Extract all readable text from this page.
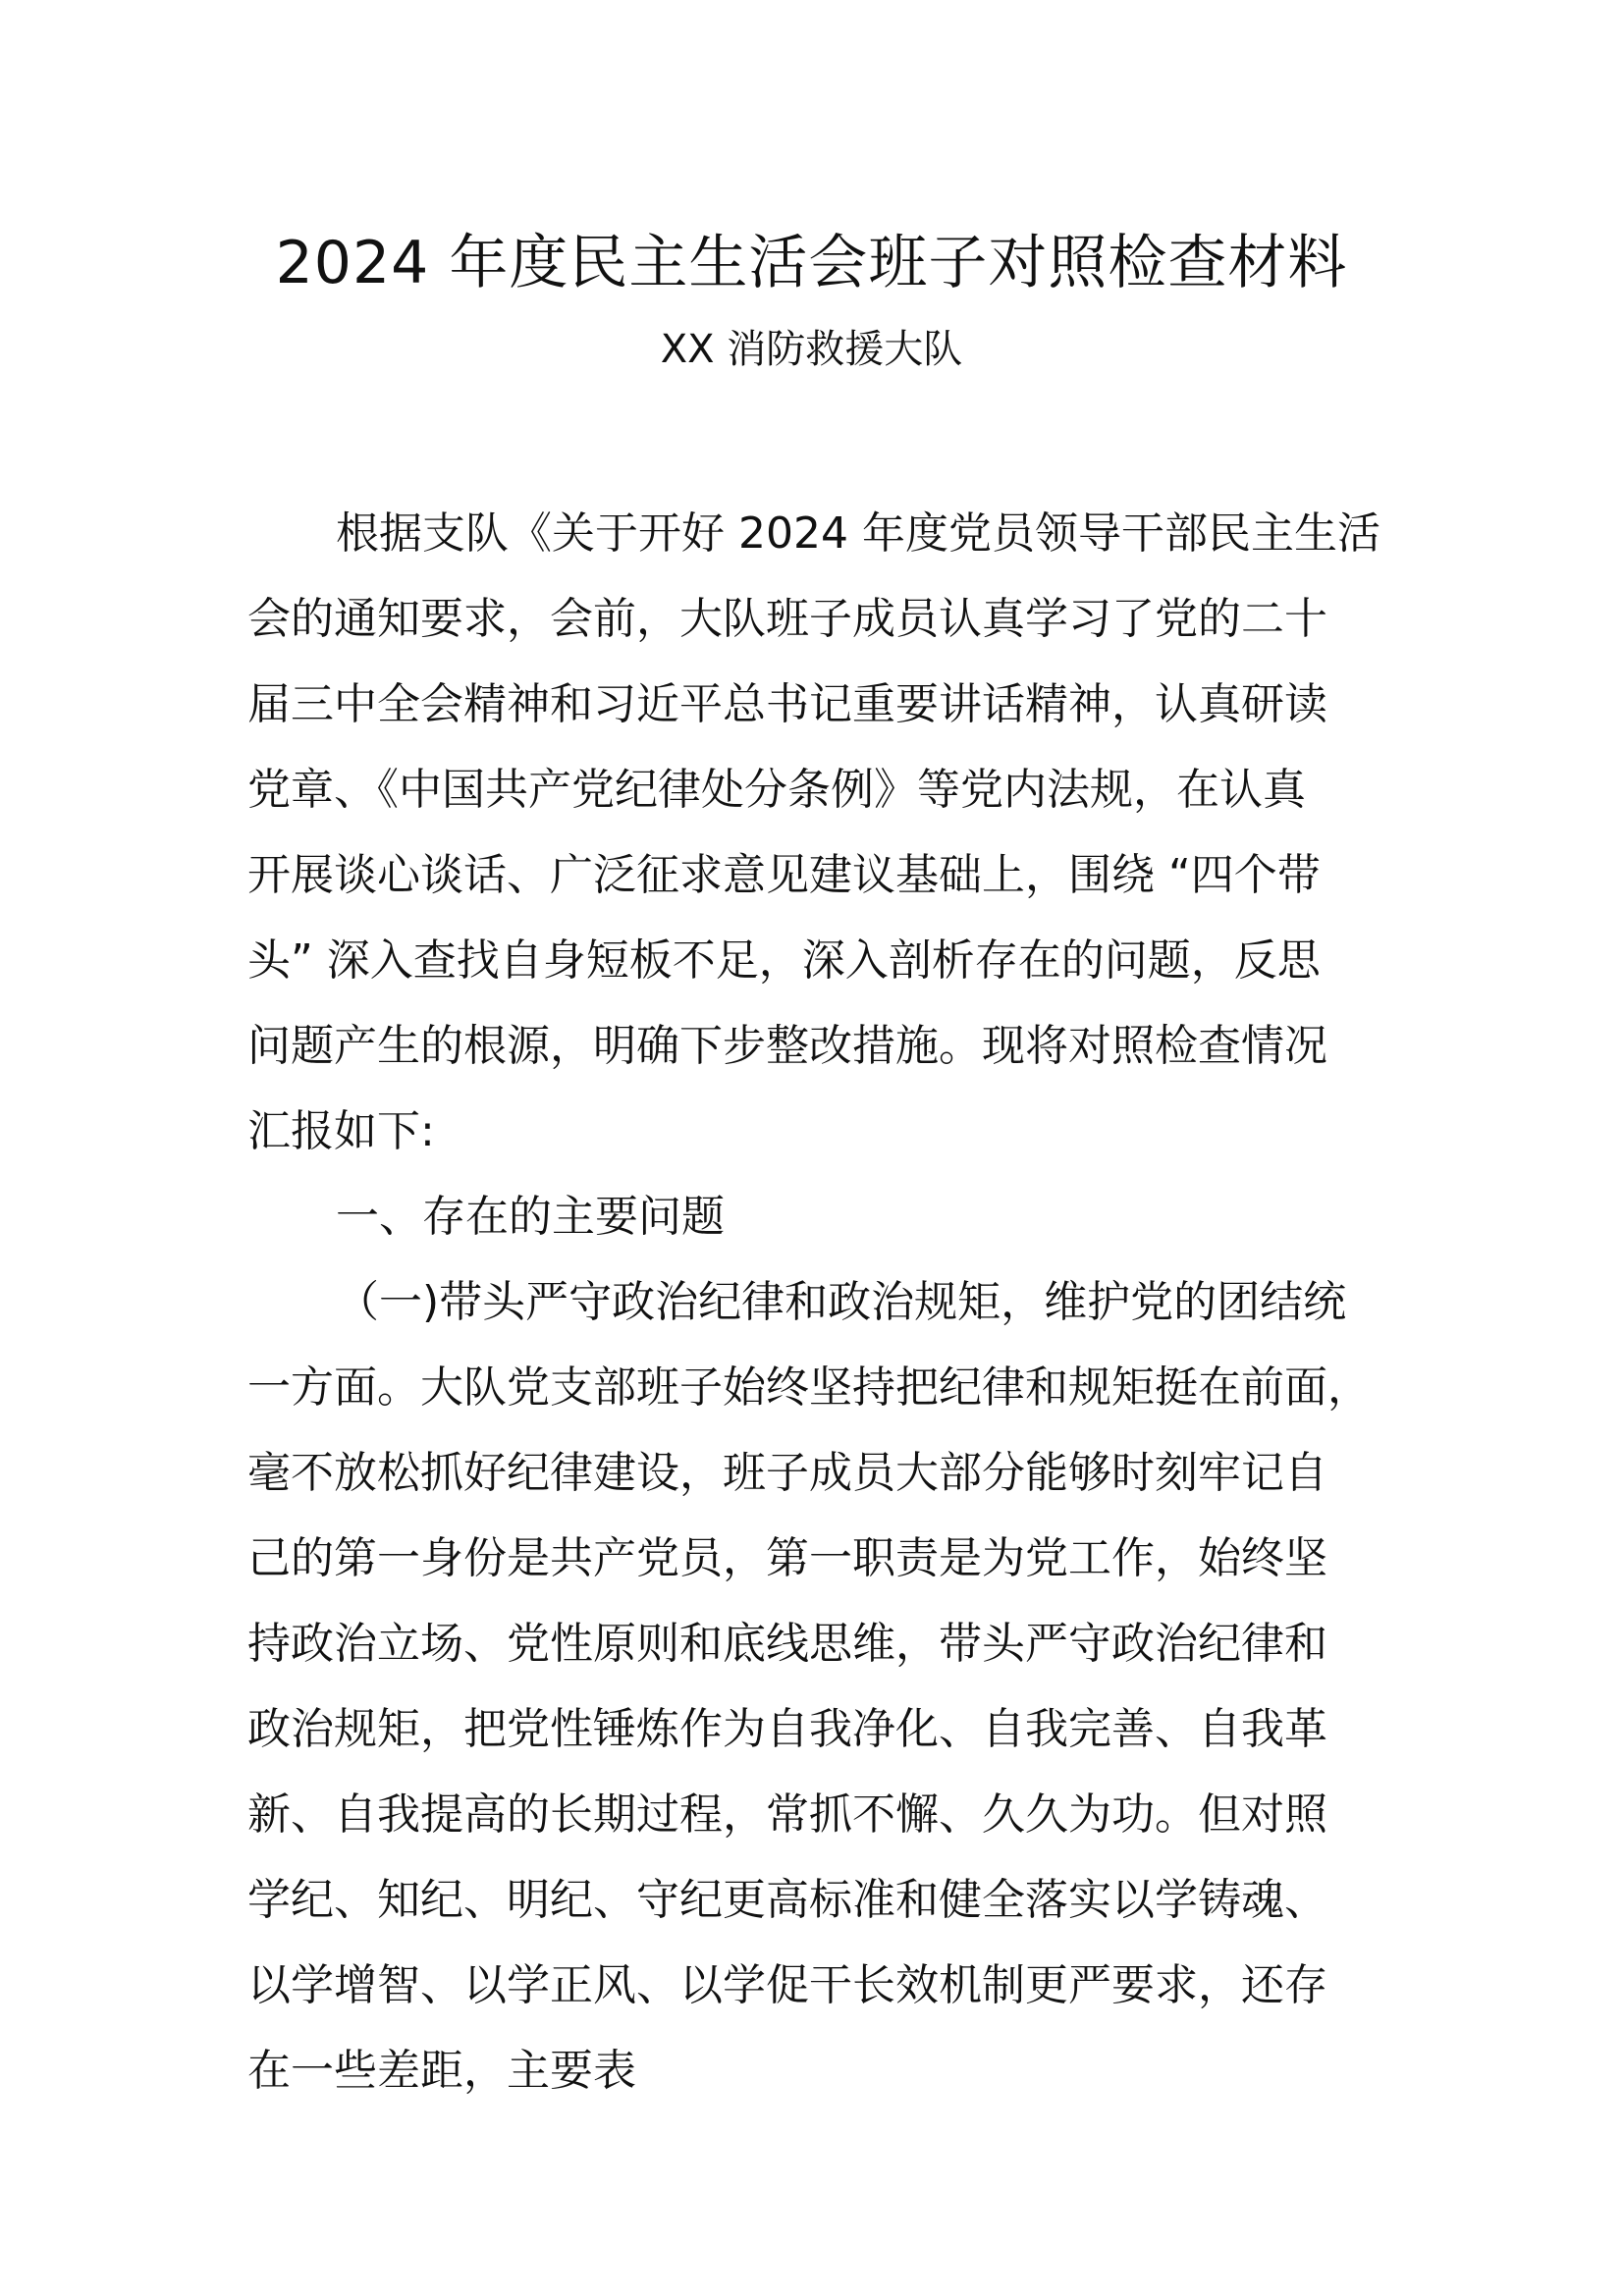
2024 年度民主生活会班子对照检查材料
XX 消防救援大队
根据支队《关于开好 2024 年度党员领导干部民主生活
会的通知要求，会前，大队班子成员认真学习了党的二十
届三中全会精神和习近平总书记重要讲话精神，认真研读
党章、《中国共产党纪律处分条例》等党内法规，在认真
开展谈心谈话、广泛征求意见建议基础上，围绕 “四个带
头” 深入查找自身短板不足，深入剖析存在的问题，反思
问题产生的根源，明确下步整改措施。现将对照检查情况
汇报如下:
一、存在的主要问题
（一)带头严守政治纪律和政治规矩，维护党的团结统
一方面。大队党支部班子始终坚持把纪律和规矩挺在前面，
毫不放松抓好纪律建设，班子成员大部分能够时刻牢记自
己的第一身份是共产党员，第一职责是为党工作，始终坚
持政治立场、党性原则和底线思维，带头严守政治纪律和
政治规矩，把党性锤炼作为自我净化、自我完善、自我革
新、自我提高的长期过程，常抓不懈、久久为功。但对照
学纪、知纪、明纪、守纪更高标准和健全落实以学铸魂、
以学增智、以学正风、以学促干长效机制更严要求，还存
在一些差距，主要表
